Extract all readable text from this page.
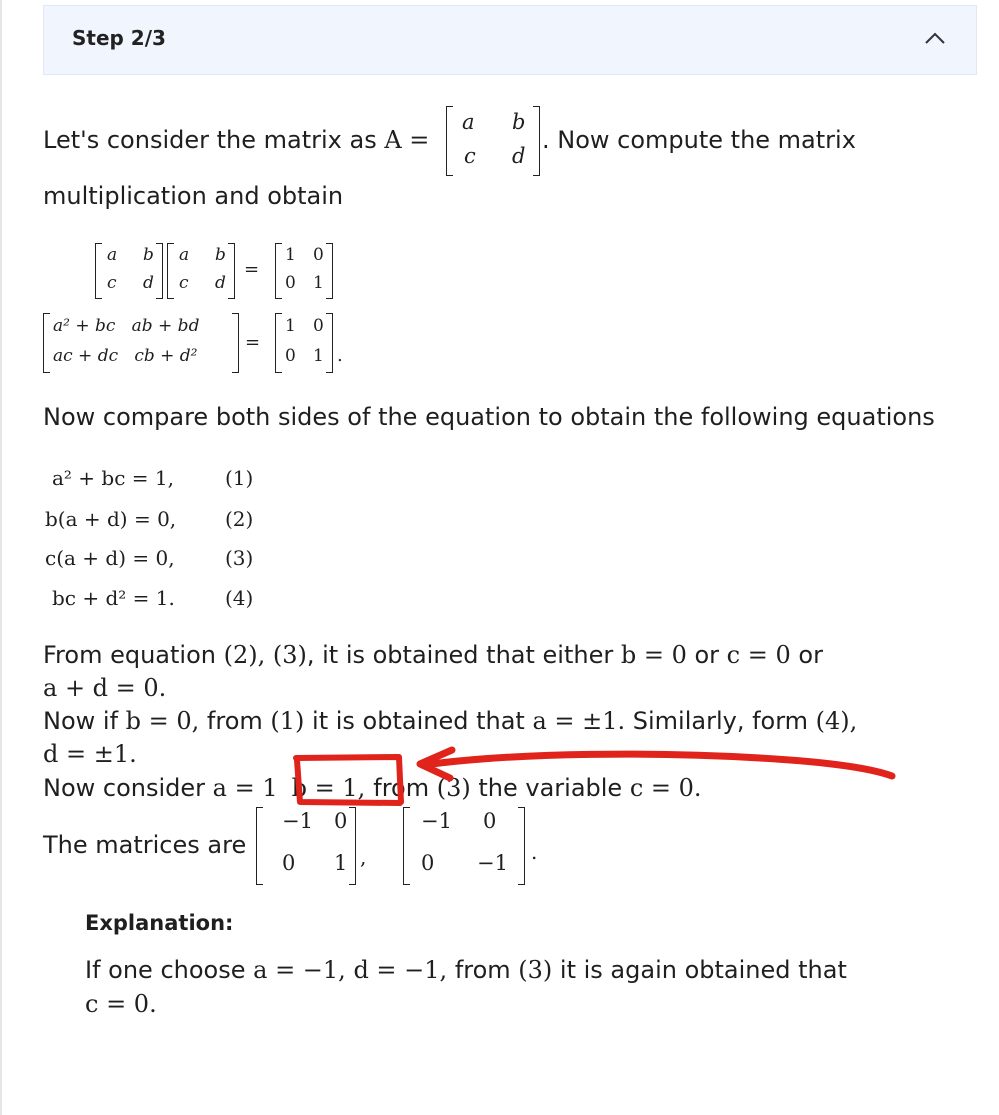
Step 2/3
Let's consider the matrix as A =
a b
c d
. Now compute the matrix
multiplication and obtain
a b
c d
a b
c d
=
1 0
0 1
a² + bc   ab + bd
ac + dc   cb + d²
=
1 0
0 1 .
Now compare both sides of the equation to obtain the following equations
a² + bc = 1,	(1)
b(a + d) = 0, (2)
c(a + d) = 0,	(3)
bc + d² = 1.	(4)
From equation (2), (3), it is obtained that either b = 0 or c = 0 or
a + d = 0.
Now if b = 0, from (1) it is obtained that a = ±1. Similarly, form (4),
d = ±1.
Now consider a = 1 b = 1, from (3) the variable c = 0.
The matrices are
−1 0
0 1 ,
−1 0
0 −1 .
Explanation:
If one choose a = −1, d = −1, from (3) it is again obtained that
c = 0.
